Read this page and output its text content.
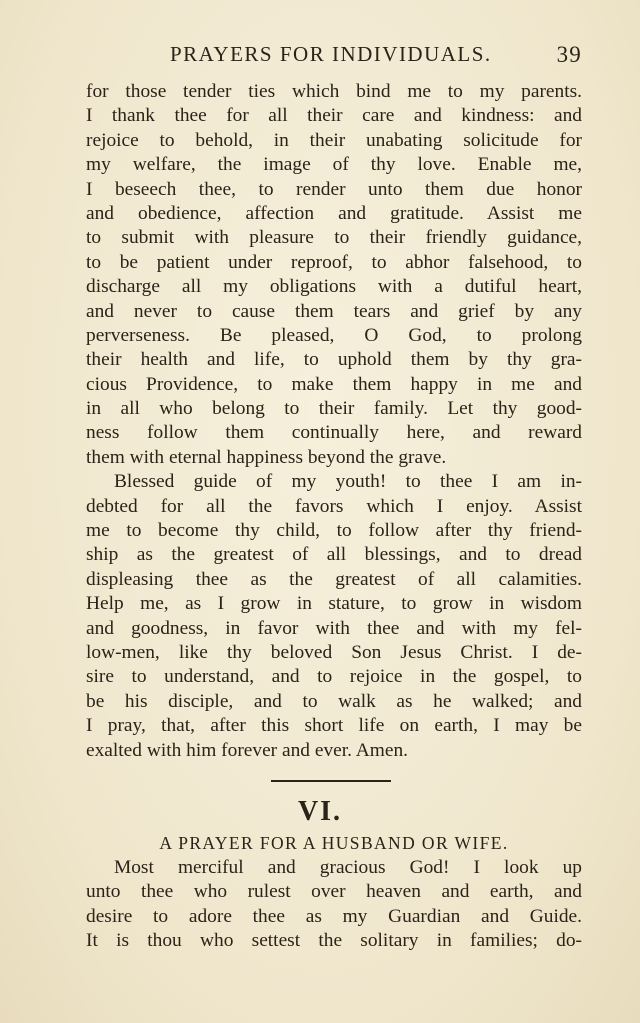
PRAYERS FOR INDIVIDUALS.	39
for those tender ties which bind me to my parents.
I thank thee for all their care and kindness: and
rejoice to behold, in their unabating solicitude for
my welfare, the image of thy love. Enable me,
I beseech thee, to render unto them due honor
and obedience, affection and gratitude. Assist me
to submit with pleasure to their friendly guidance,
to be patient under reproof, to abhor falsehood, to
discharge all my obligations with a dutiful heart,
and never to cause them tears and grief by any
perverseness. Be pleased, O God, to prolong
their health and life, to uphold them by thy gra-
cious Providence, to make them happy in me and
in all who belong to their family. Let thy good-
ness follow them continually here, and reward
them with eternal happiness beyond the grave.
Blessed guide of my youth! to thee I am in-
debted for all the favors which I enjoy. Assist
me to become thy child, to follow after thy friend-
ship as the greatest of all blessings, and to dread
displeasing thee as the greatest of all calamities.
Help me, as I grow in stature, to grow in wisdom
and goodness, in favor with thee and with my fel-
low-men, like thy beloved Son Jesus Christ. I de-
sire to understand, and to rejoice in the gospel, to
be his disciple, and to walk as he walked; and
I pray, that, after this short life on earth, I may be
exalted with him forever and ever. Amen.
VI.
A PRAYER FOR A HUSBAND OR WIFE.
Most merciful and gracious God! I look up
unto thee who rulest over heaven and earth, and
desire to adore thee as my Guardian and Guide.
It is thou who settest the solitary in families; do-
